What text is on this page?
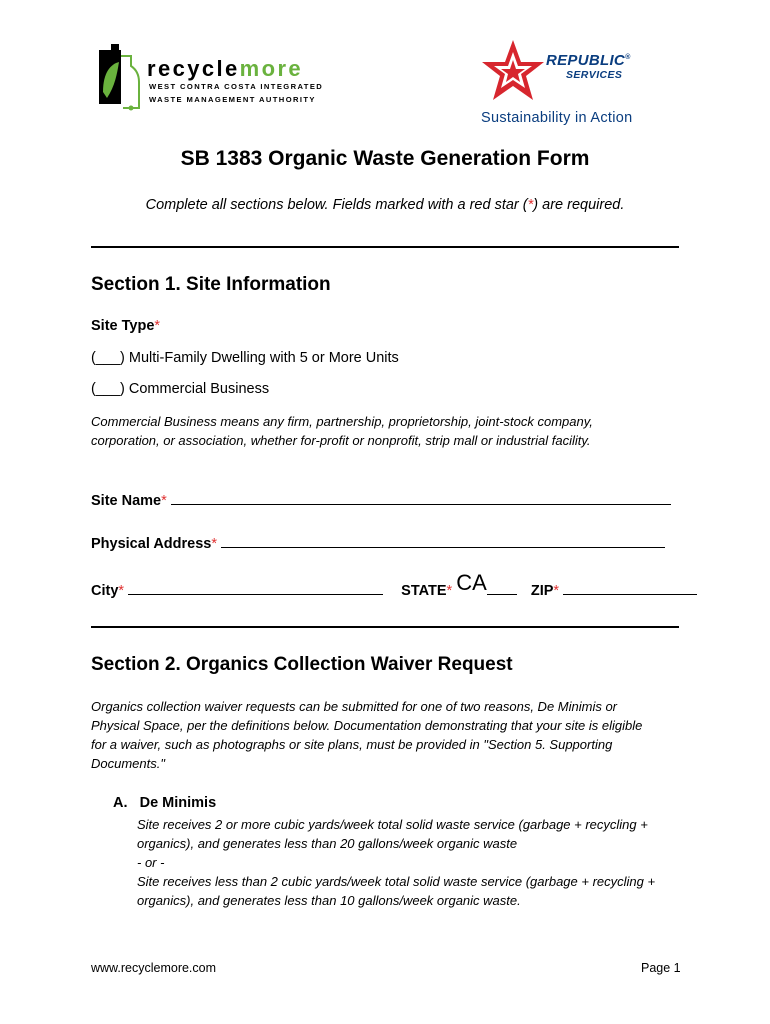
recyclemore
WEST CONTRA COSTA INTEGRATED
WASTE MANAGEMENT AUTHORITY
REPUBLIC®
SERVICES
Sustainability in Action
SB 1383 Organic Waste Generation Form
Complete all sections below. Fields marked with a red star (*) are required.
Section 1. Site Information
Site Type*
(___) Multi-Family Dwelling with 5 or More Units
(___) Commercial Business
Commercial Business means any firm, partnership, proprietorship, joint-stock company,
corporation, or association, whether for-profit or nonprofit, strip mall or industrial facility.
Site Name*
Physical Address*
City*	STATE* CA	ZIP*
Section 2. Organics Collection Waiver Request
Organics collection waiver requests can be submitted for one of two reasons, De Minimis or
Physical Space, per the definitions below. Documentation demonstrating that your site is eligible
for a waiver, such as photographs or site plans, must be provided in "Section 5. Supporting
Documents."
A. De Minimis
Site receives 2 or more cubic yards/week total solid waste service (garbage + recycling +
organics), and generates less than 20 gallons/week organic waste
- or -
Site receives less than 2 cubic yards/week total solid waste service (garbage + recycling +
organics), and generates less than 10 gallons/week organic waste.
www.recyclemore.com	Page 1
